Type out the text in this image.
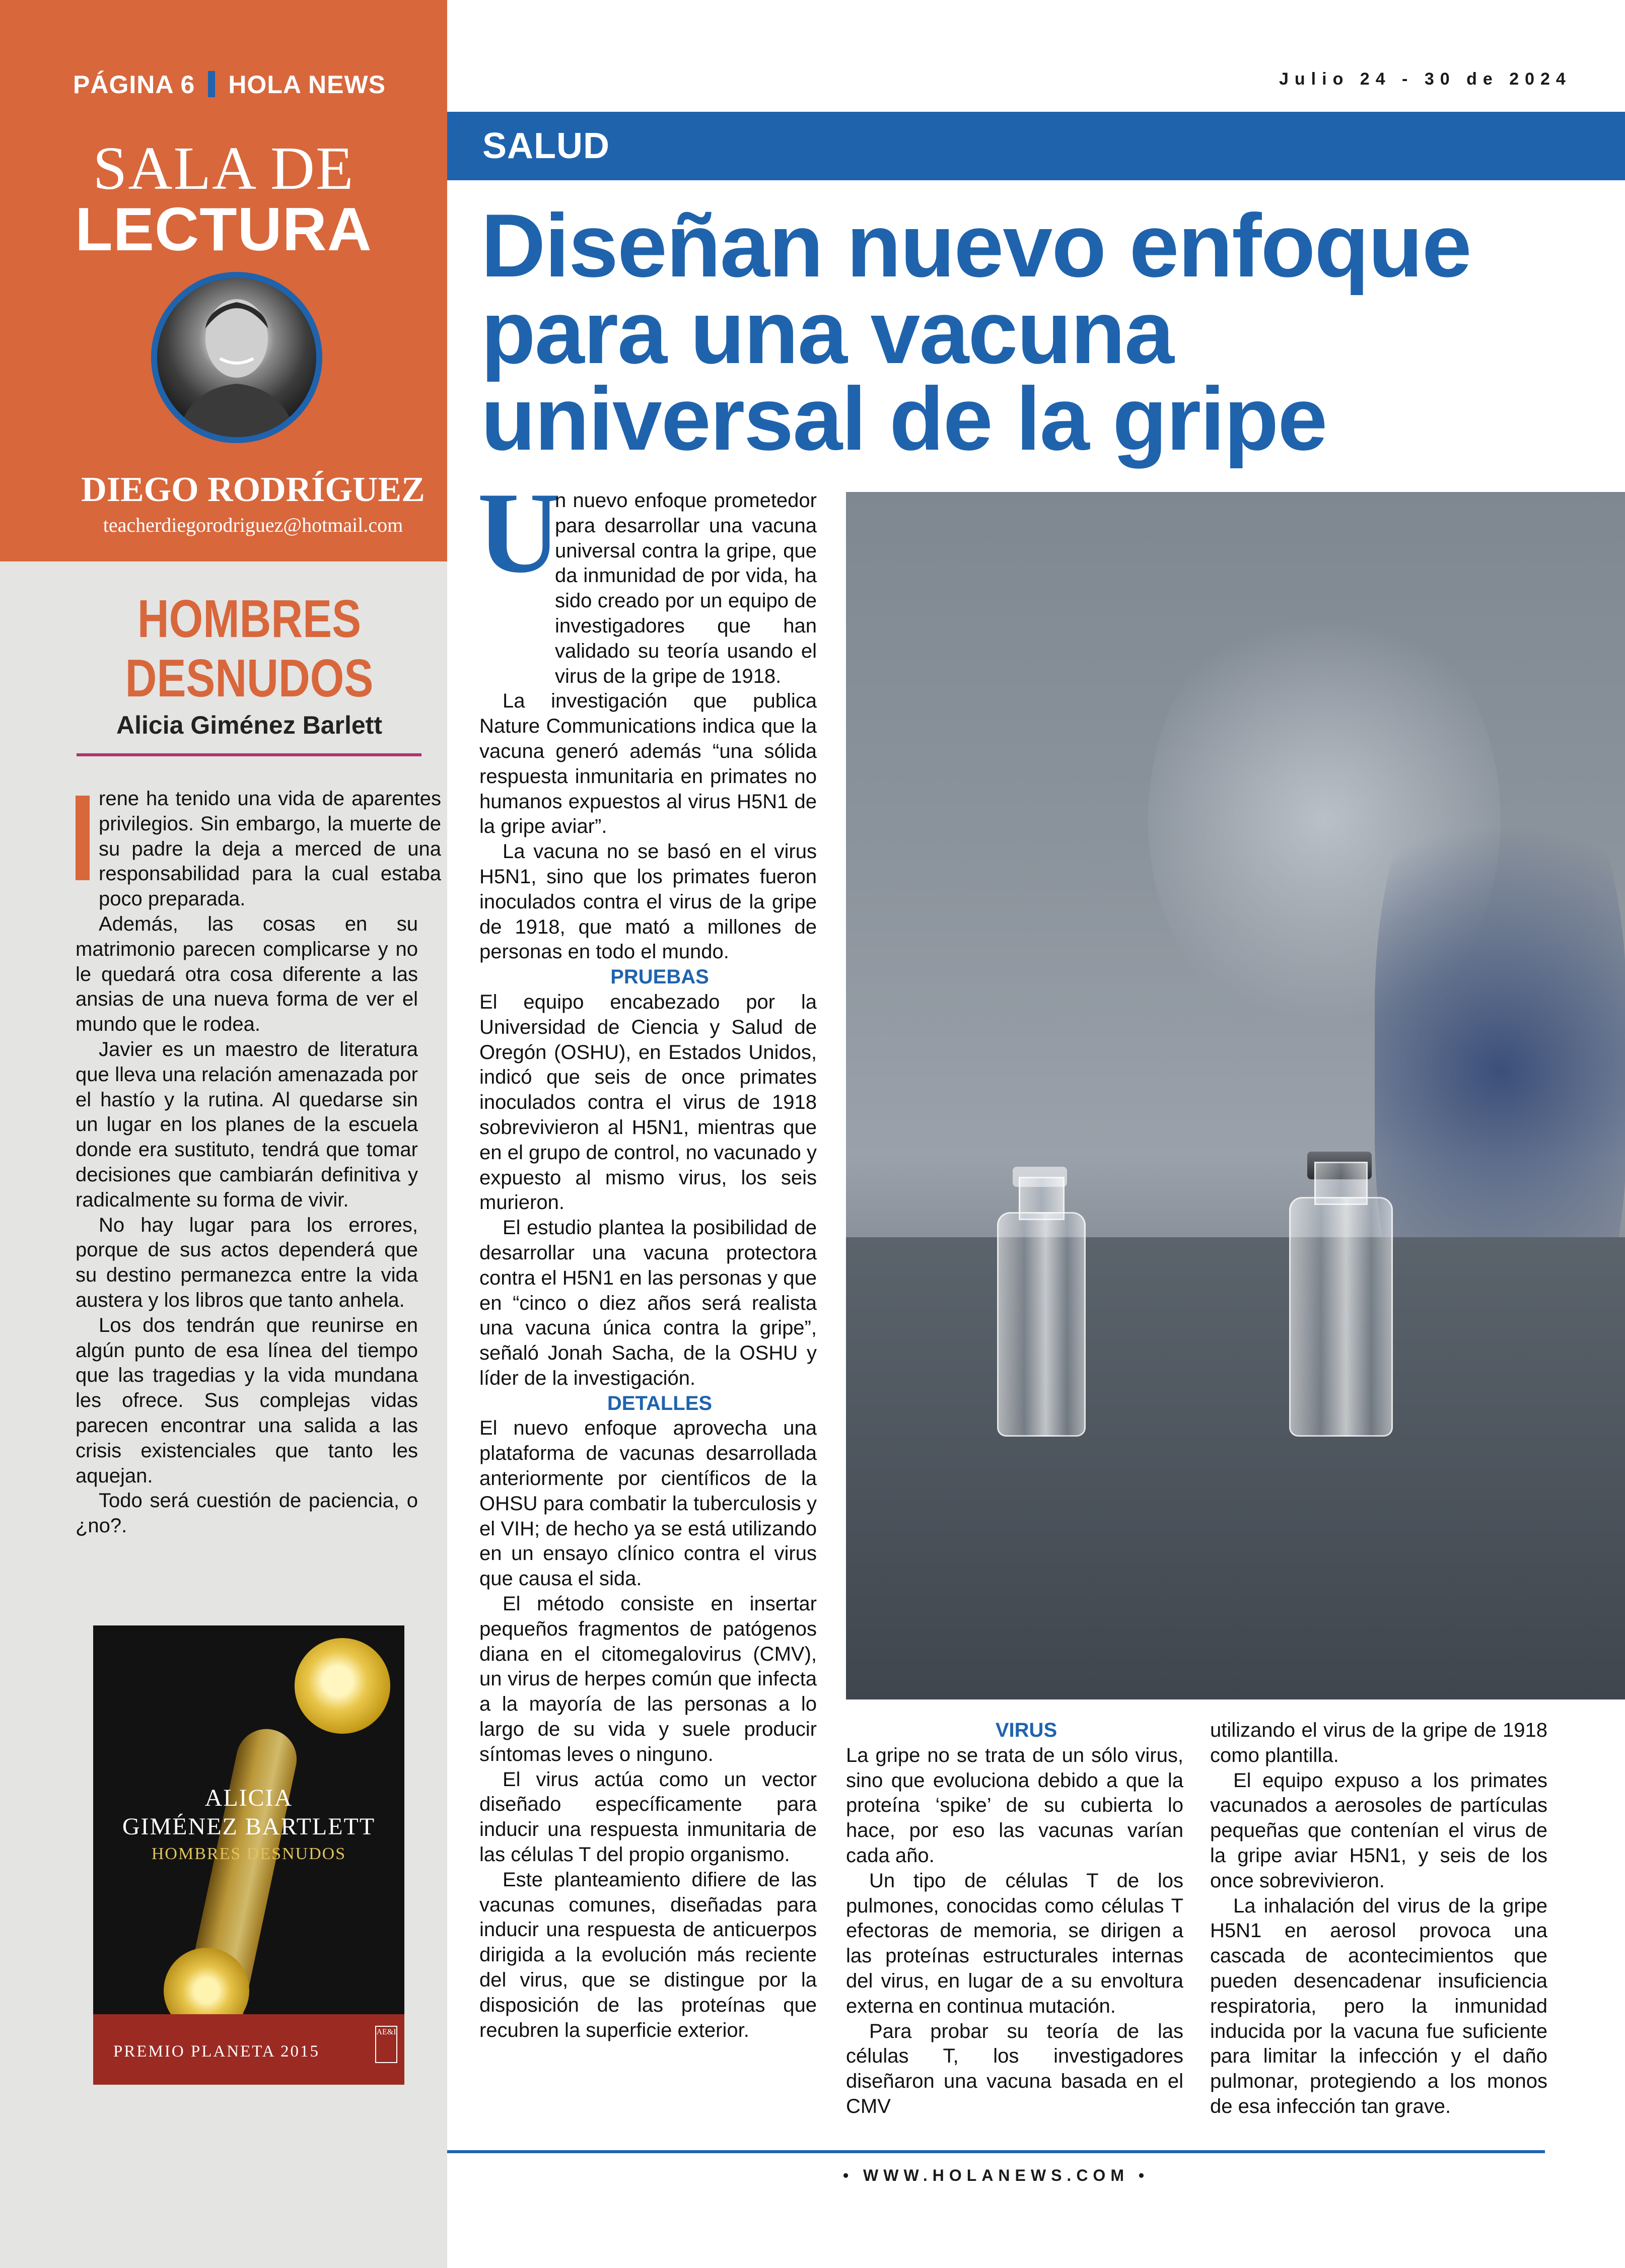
PÁGINA 6 HOLA NEWS
SALA DE
LECTURA
DIEGO RODRÍGUEZ
teacherdiegorodriguez@hotmail.com
HOMBRES
DESNUDOS
Alicia Giménez Barlett

rene ha tenido una vida de aparentes privilegios. Sin embargo, la muerte de su padre la deja a merced de una responsabilidad para la cual estaba poco preparada.

Además, las cosas en su matrimonio parecen complicarse y no le quedará otra cosa diferente a las ansias de una nueva forma de ver el mundo que le rodea.

Javier es un maestro de literatura que lleva una relación amenazada por el hastío y la rutina. Al quedarse sin un lugar en los planes de la escuela donde era sustituto, tendrá que tomar decisiones que cambiarán definitiva y radicalmente su forma de vivir.

No hay lugar para los errores, porque de sus actos dependerá que su destino permanezca entre la vida austera y los libros que tanto anhela.

Los dos tendrán que reunirse en algún punto de esa línea del tiempo que las tragedias y la vida mundana les ofrece. Sus complejas vidas parecen encontrar una salida a las crisis existenciales que tanto les aquejan.

Todo será cuestión de paciencia, o ¿no?.

ALICIA
GIMÉNEZ BARTLETT
HOMBRES DESNUDOS
PREMIO PLANETA 2015
AE&I
Julio 24 - 30 de 2024
SALUD
Diseñan nuevo enfoque
para una vacuna
universal de la gripe
U

n nuevo enfoque prometedor para desarrollar una vacuna universal contra la gripe, que da inmunidad de por vida, ha sido creado por un equipo de investigadores que han validado su teoría usando el virus de la gripe de 1918.

La investigación que publica Nature Communications indica que la vacuna generó además “una sólida respuesta inmunitaria en primates no humanos expuestos al virus H5N1 de la gripe aviar”.

La vacuna no se basó en el virus H5N1, sino que los primates fueron inoculados contra el virus de la gripe de 1918, que mató a millones de personas en todo el mundo.

PRUEBAS

El equipo encabezado por la Universidad de Ciencia y Salud de Oregón (OSHU), en Estados Unidos, indicó que seis de once primates inoculados contra el virus de 1918 sobrevivieron al H5N1, mientras que en el grupo de control, no vacunado y expuesto al mismo virus, los seis murieron.

El estudio plantea la posibilidad de desarrollar una vacuna protectora contra el H5N1 en las personas y que en “cinco o diez años será realista una vacuna única contra la gripe”, señaló Jonah Sacha, de la OSHU y líder de la investigación.

DETALLES

El nuevo enfoque aprovecha una plataforma de vacunas desarrollada anteriormente por científicos de la OHSU para combatir la tuberculosis y el VIH; de hecho ya se está utilizando en un ensayo clínico contra el virus que causa el sida.

El método consiste en insertar pequeños fragmentos de patógenos diana en el citomegalovirus (CMV), un virus de herpes común que infecta a la mayoría de las personas a lo largo de su vida y suele producir síntomas leves o ninguno.

El virus actúa como un vector diseñado específicamente para inducir una respuesta inmunitaria de las células T del propio organismo.

Este planteamiento difiere de las vacunas comunes, diseñadas para inducir una respuesta de anticuerpos dirigida a la evolución más reciente del virus, que se distingue por la disposición de las proteínas que recubren la superficie exterior.

VIRUS

La gripe no se trata de un sólo virus, sino que evoluciona debido a que la proteína ‘spike’ de su cubierta lo hace, por eso las vacunas varían cada año.

Un tipo de células T de los pulmones, conocidas como células T efectoras de memoria, se dirigen a las proteínas estructurales internas del virus, en lugar de a su envoltura externa en continua mutación.

Para probar su teoría de las células T, los investigadores diseñaron una vacuna basada en el CMV

utilizando el virus de la gripe de 1918 como plantilla.

El equipo expuso a los primates vacunados a aerosoles de partículas pequeñas que contenían el virus de la gripe aviar H5N1, y seis de los once sobrevivieron.

La inhalación del virus de la gripe H5N1 en aerosol provoca una cascada de acontecimientos que pueden desencadenar insuficiencia respiratoria, pero la inmunidad inducida por la vacuna fue suficiente para limitar la infección y el daño pulmonar, protegiendo a los monos de esa infección tan grave.

• WWW.HOLANEWS.COM •
